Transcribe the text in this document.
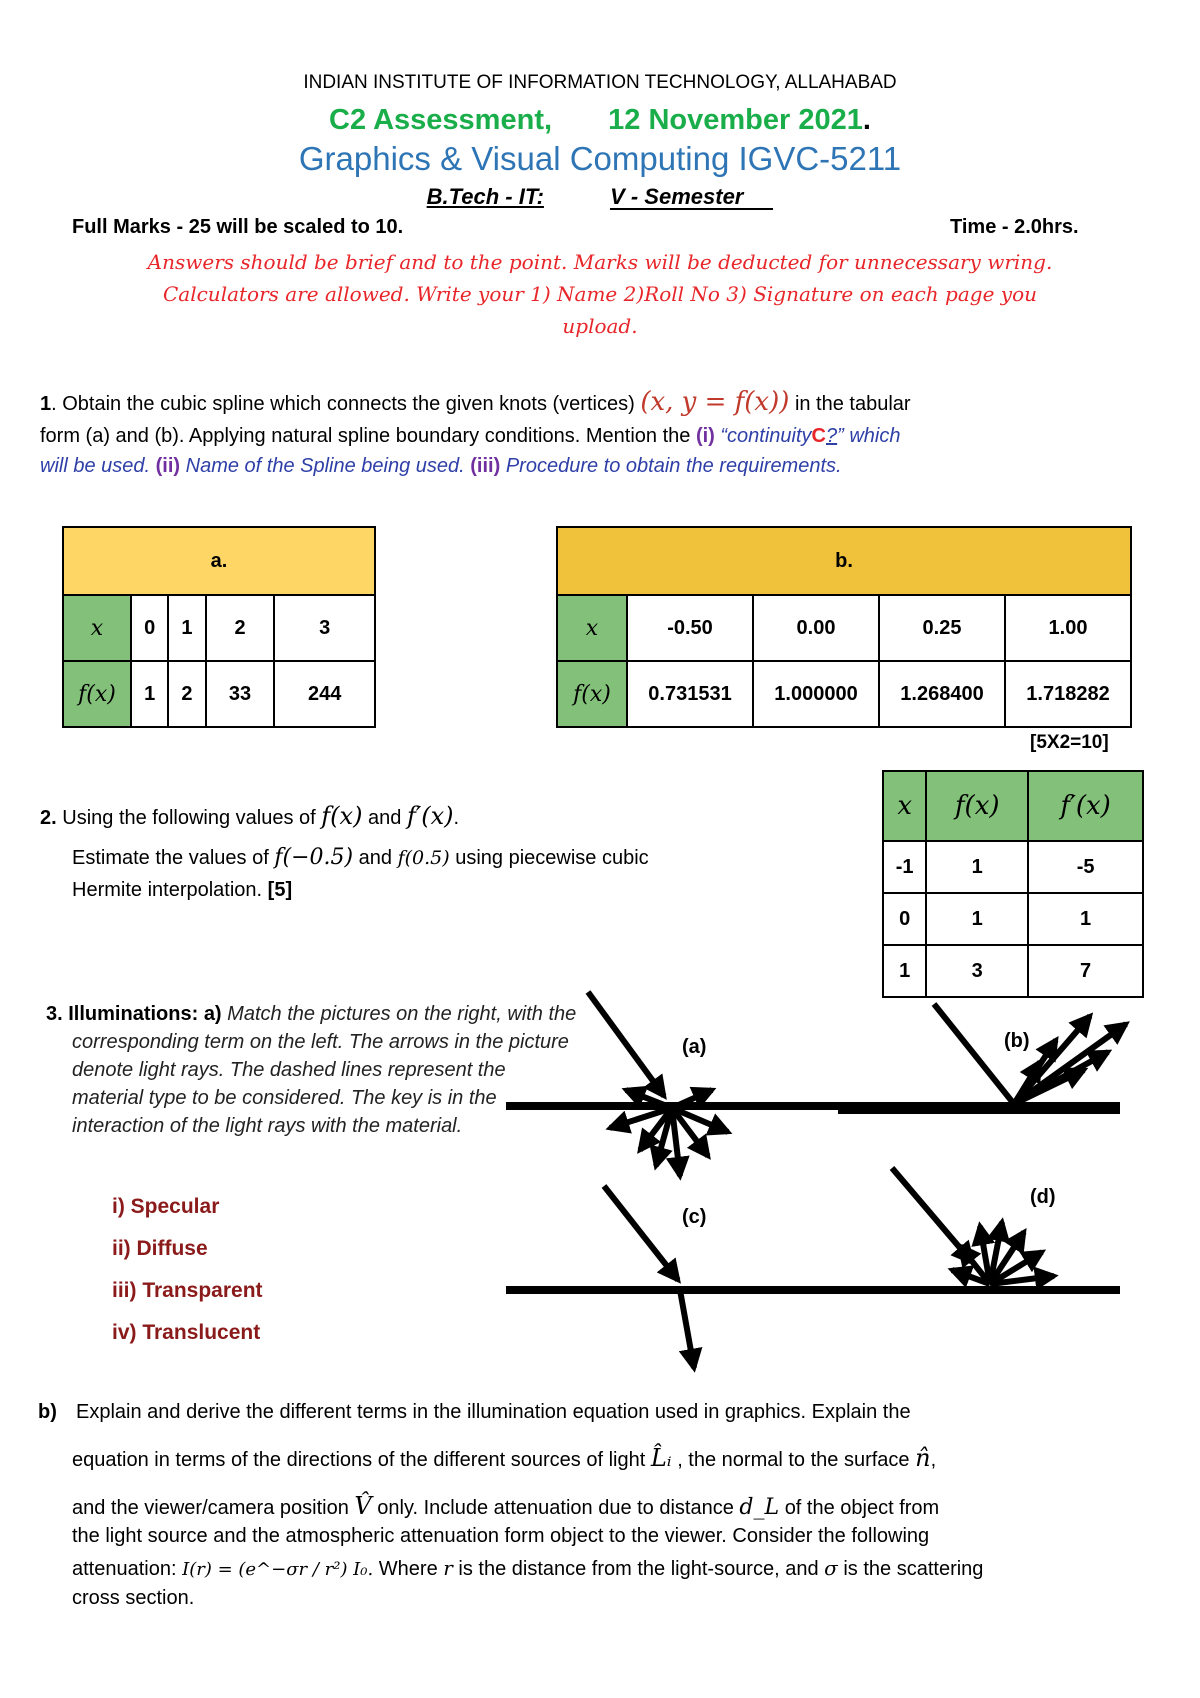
INDIAN INSTITUTE OF INFORMATION TECHNOLOGY, ALLAHABAD
C2 Assessment, 12 November 2021.
Graphics & Visual Computing IGVC-5211
B.Tech - IT:	V - Semester
Full Marks - 25 will be scaled to 10.	Time - 2.0hrs.
Answers should be brief and to the point. Marks will be deducted for unnecessary wring.
Calculators are allowed. Write your 1) Name 2)Roll No 3) Signature on each page you
upload.
1. Obtain the cubic spline which connects the given knots (vertices) (x, y = f(x)) in the tabular
form (a) and (b). Applying natural spline boundary conditions. Mention the (i) “continuityC?” which
will be used. (ii) Name of the Spline being used. (iii) Procedure to obtain the requirements.
a.				
x	0	1	2	3
f(x)	1	2	33	244
b.				
x	-0.50	0.00	0.25	1.00
f(x)	0.731531	1.000000	1.268400	1.718282
[5X2=10]
2. Using the following values of f(x) and f′(x).
Estimate the values of f(−0.5) and f(0.5) using piecewise cubic
Hermite interpolation. [5]
x	f(x)	f′(x)
-1	1	-5
0	1	1
1	3	7
3. Illuminations: a) Match the pictures on the right, with the corresponding term on the left. The arrows in the picture denote light rays. The dashed lines represent the material type to be considered. The key is in the interaction of the light rays with the material.
i) Specular
ii) Diffuse
iii) Transparent
iv) Translucent
(a)	(b)
(c)
(d)
b) Explain and derive the different terms in the illumination equation used in graphics. Explain the
equation in terms of the directions of the different sources of light L̂ᵢ , the normal to the surface n̂,
and the viewer/camera position V̂ only. Include attenuation due to distance d_L of the object from
the light source and the atmospheric attenuation form object to the viewer. Consider the following
attenuation: I(r) = (e^−σr / r²) I₀. Where r is the distance from the light-source, and σ is the scattering
cross section.
